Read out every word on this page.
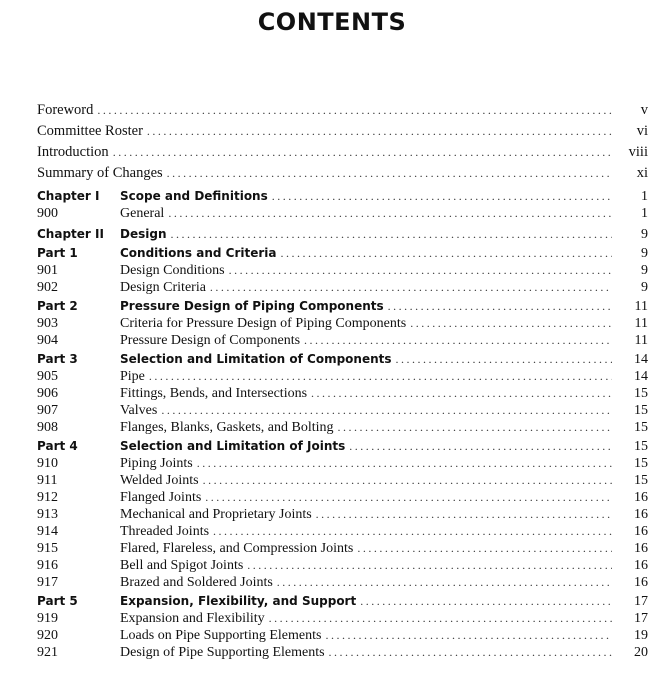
CONTENTS
Foreword . . .	v
Committee Roster . . .	vi
Introduction . . .	viii
Summary of Changes . . .	xi
Chapter I	Scope and Definitions . . .	1
900	General . . .	1
Chapter II	Design . . .	9
Part 1	Conditions and Criteria . . .	9
901	Design Conditions . . .	9
902	Design Criteria . . .	9
Part 2	Pressure Design of Piping Components . . .	11
903	Criteria for Pressure Design of Piping Components . . .	11
904	Pressure Design of Components . . .	11
Part 3	Selection and Limitation of Components . . .	14
905	Pipe . . .	14
906	Fittings, Bends, and Intersections . . .	15
907	Valves . . .	15
908	Flanges, Blanks, Gaskets, and Bolting . . .	15
Part 4	Selection and Limitation of Joints . . .	15
910	Piping Joints . . .	15
911	Welded Joints . . .	15
912	Flanged Joints . . .	16
913	Mechanical and Proprietary Joints . . .	16
914	Threaded Joints . . .	16
915	Flared, Flareless, and Compression Joints . . .	16
916	Bell and Spigot Joints . . .	16
917	Brazed and Soldered Joints . . .	16
Part 5	Expansion, Flexibility, and Support . . .	17
919	Expansion and Flexibility . . .	17
920	Loads on Pipe Supporting Elements . . .	19
921	Design of Pipe Supporting Elements . . .	20
